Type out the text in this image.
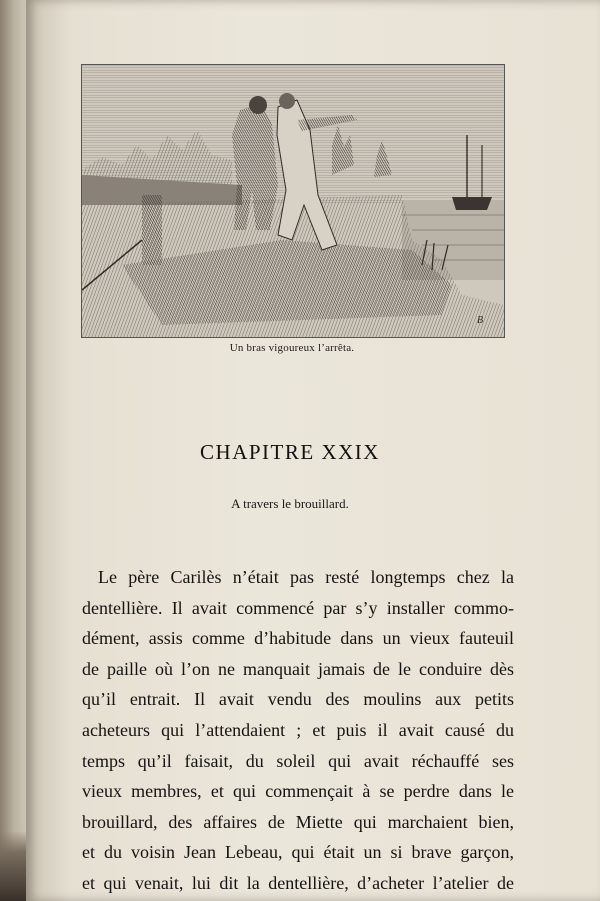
B
Un bras vigoureux l’arrêta.
CHAPITRE XXIX
A travers le brouillard.
Le père Carilès n’était pas resté longtemps chez la
dentellière. Il avait commencé par s’y installer commo-
dément, assis comme d’habitude dans un vieux fauteuil
de paille où l’on ne manquait jamais de le conduire dès
qu’il entrait. Il avait vendu des moulins aux petits
acheteurs qui l’attendaient ; et puis il avait causé du
temps qu’il faisait, du soleil qui avait réchauffé ses
vieux membres, et qui commençait à se perdre dans le
brouillard, des affaires de Miette qui marchaient bien,
et du voisin Jean Lebeau, qui était un si brave garçon,
et qui venait, lui dit la dentellière, d’acheter l’atelier de
